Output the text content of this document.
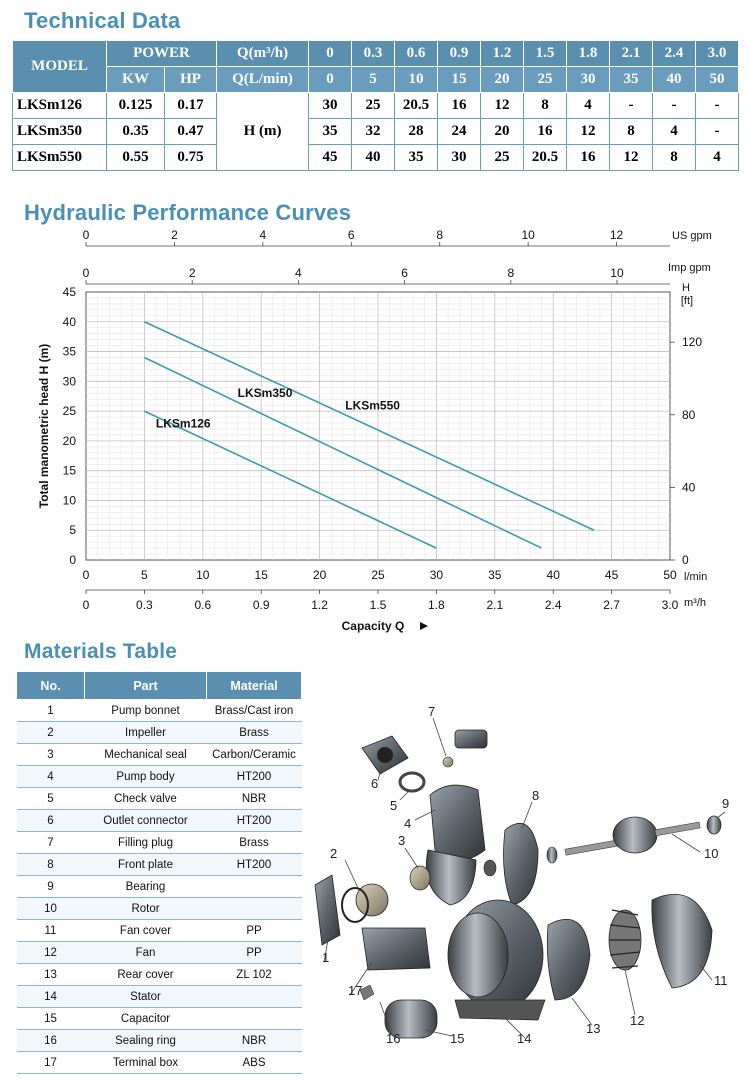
Technical Data
MODEL	POWER		Q(m³/h)	0	0.3	0.6	0.9	1.2	1.5	1.8	2.1	2.4	3.0
	KW	HP	Q(L/min)	0	5	10	15	20	25	30	35	40	50
LKSm126	0.125	0.17	H (m)	30	25	20.5	16	12	8	4	-	-	-
LKSm350	0.35	0.47		35	32	28	24	20	16	12	8	4	-
LKSm550	0.55	0.75		45	40	35	30	25	20.5	16	12	8	4
Hydraulic Performance Curves
0
5
10
15
20
25
30
35
40
45
Total manometric head H (m)
0	5	10	15	20	25	30	35	40	45	50 l/min
0	0.3	0.6	0.9	1.2	1.5	1.8	2.1	2.4	2.7	3.0 m³/h
Capacity Q
0	2	4	6	8	10	12	US gpm
0	2	4	6	8	10	Imp gpm
H
[ft]
0
40
80
120
LKSm550
LKSm350
LKSm126
Materials Table
No.	Part	Material
1	Pump bonnet	Brass/Cast iron
2	Impeller	Brass
3	Mechanical seal	Carbon/Ceramic
4	Pump body	HT200
5	Check valve	NBR
6	Outlet connector	HT200
7	Filling plug	Brass
8	Front plate	HT200
9	Bearing	
10	Rotor	
11	Fan cover	PP
12	Fan	PP
13	Rear cover	ZL 102
14	Stator	
15	Capacitor	
16	Sealing ring	NBR
17	Terminal box	ABS
1
2
3
4
5
6
7
8
9
10
11
12
13
14
15
16
17
